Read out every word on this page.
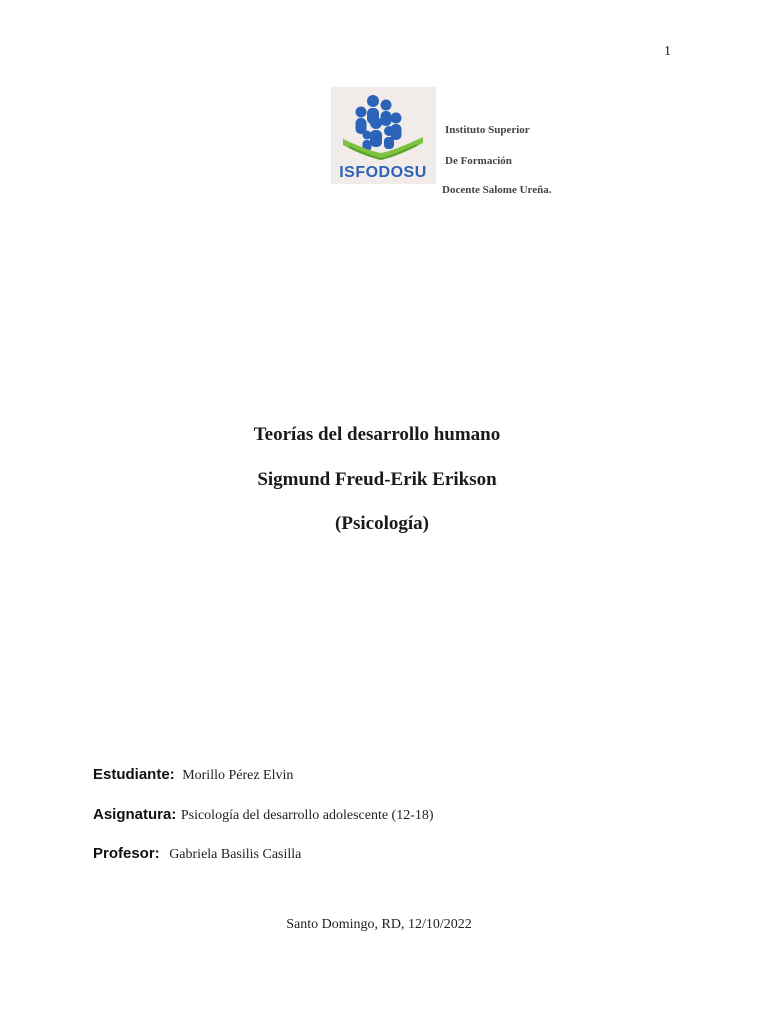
1
ISFODOSU
Instituto Superior
De Formación
Docente Salome Ureña.
Teorías del desarrollo humano
Sigmund Freud-Erik Erikson
(Psicología)
Estudiante: Morillo Pérez Elvin
Asignatura: Psicología del desarrollo adolescente (12-18)
Profesor: Gabriela Basilis Casilla
Santo Domingo, RD, 12/10/2022
